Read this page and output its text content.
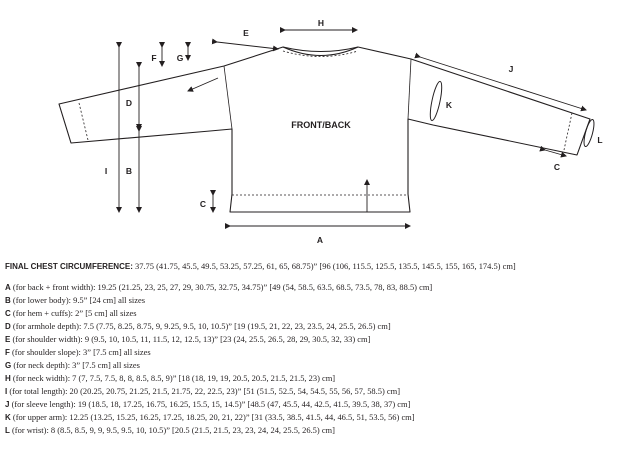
H
E
F G
D
I B
C
A
J
K
L
C
FRONT/BACK
FINAL CHEST CIRCUMFERENCE: 37.75 (41.75, 45.5, 49.5, 53.25, 57.25, 61, 65, 68.75)” [96 (106, 115.5, 125.5, 135.5, 145.5, 155, 165, 174.5) cm]
A (for back + front width): 19.25 (21.25, 23, 25, 27, 29, 30.75, 32.75, 34.75)” [49 (54, 58.5, 63.5, 68.5, 73.5, 78, 83, 88.5) cm]
B (for lower body): 9.5” [24 cm] all sizes
C (for hem + cuffs): 2” [5 cm] all sizes
D (for armhole depth): 7.5 (7.75, 8.25, 8.75, 9, 9.25, 9.5, 10, 10.5)” [19 (19.5, 21, 22, 23, 23.5, 24, 25.5, 26.5) cm]
E (for shoulder width): 9 (9.5, 10, 10.5, 11, 11.5, 12, 12.5, 13)” [23 (24, 25.5, 26.5, 28, 29, 30.5, 32, 33) cm]
F (for shoulder slope): 3” [7.5 cm] all sizes
G (for neck depth): 3” [7.5 cm] all sizes
H (for neck width): 7 (7, 7.5, 7.5, 8, 8, 8.5, 8.5, 9)” [18 (18, 19, 19, 20.5, 20.5, 21.5, 21.5, 23) cm]
I (for total length): 20 (20.25, 20.75, 21.25, 21.5, 21.75, 22, 22.5, 23)” [51 (51.5, 52.5, 54, 54.5, 55, 56, 57, 58.5) cm]
J (for sleeve length): 19 (18.5, 18, 17.25, 16.75, 16.25, 15.5, 15, 14.5)” [48.5 (47, 45.5, 44, 42.5, 41.5, 39.5, 38, 37) cm]
K (for upper arm): 12.25 (13.25, 15.25, 16.25, 17.25, 18.25, 20, 21, 22)” [31 (33.5, 38.5, 41.5, 44, 46.5, 51, 53.5, 56) cm]
L (for wrist): 8 (8.5, 8.5, 9, 9, 9.5, 9.5, 10, 10.5)” [20.5 (21.5, 21.5, 23, 23, 24, 24, 25.5, 26.5) cm]
